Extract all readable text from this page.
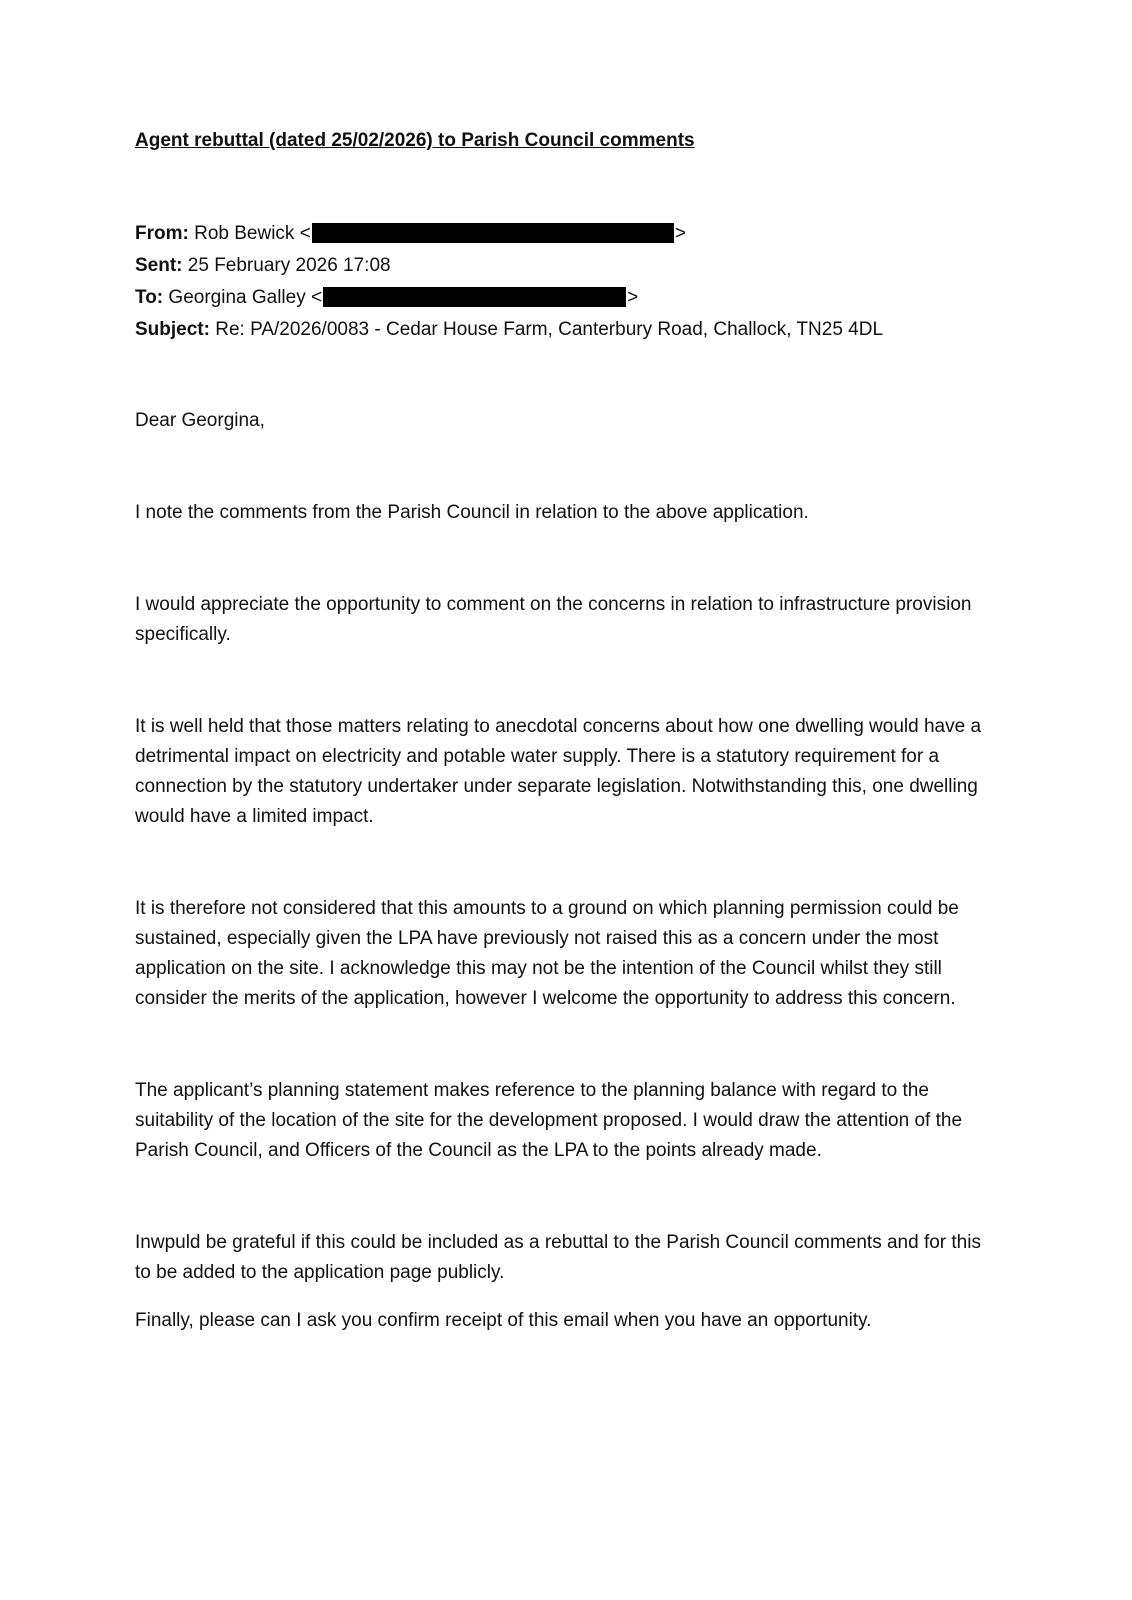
Agent rebuttal (dated 25/02/2026) to Parish Council comments
From: Rob Bewick <	>
Sent: 25 February 2026 17:08
To: Georgina Galley <	>
Subject: Re: PA/2026/0083 - Cedar House Farm, Canterbury Road, Challock, TN25 4DL

Dear Georgina,

I note the comments from the Parish Council in relation to the above application.

I would appreciate the opportunity to comment on the concerns in relation to infrastructure provision specifically.

It is well held that those matters relating to anecdotal concerns about how one dwelling would have a detrimental impact on electricity and potable water supply. There is a statutory requirement for a connection by the statutory undertaker under separate legislation. Notwithstanding this, one dwelling would have a limited impact.

It is therefore not considered that this amounts to a ground on which planning permission could be sustained, especially given the LPA have previously not raised this as a concern under the most application on the site. I acknowledge this may not be the intention of the Council whilst they still consider the merits of the application, however I welcome the opportunity to address this concern.

The applicant’s planning statement makes reference to the planning balance with regard to the suitability of the location of the site for the development proposed. I would draw the attention of the Parish Council, and Officers of the Council as the LPA to the points already made.

Inwpuld be grateful if this could be included as a rebuttal to the Parish Council comments and for this to be added to the application page publicly.

Finally, please can I ask you confirm receipt of this email when you have an opportunity.
